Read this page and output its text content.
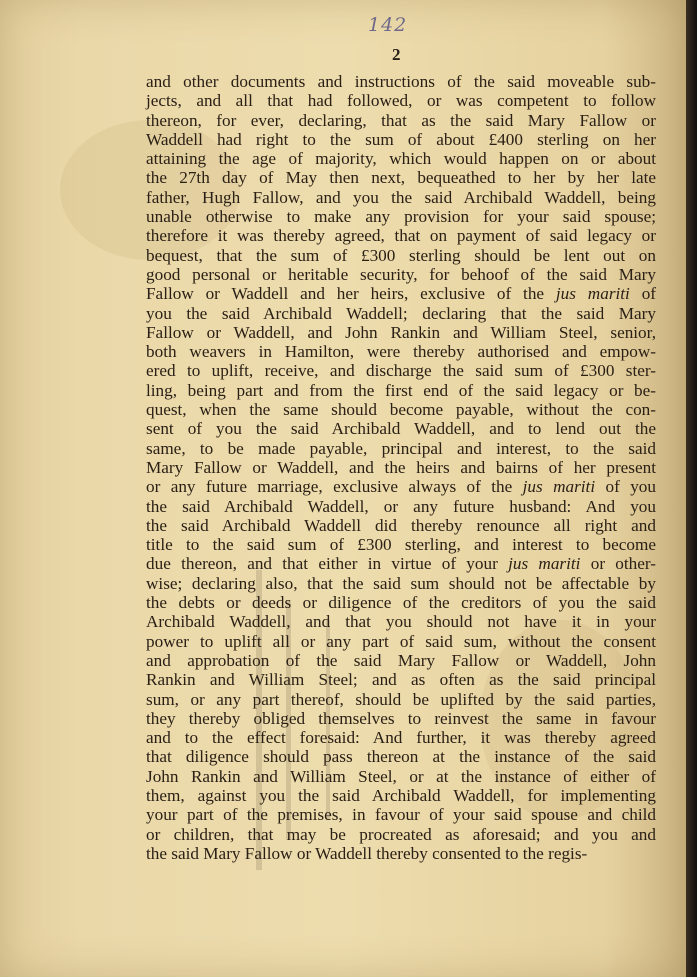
142
2
and other documents and instructions of the said moveable sub-
jects, and all that had followed, or was competent to follow
thereon, for ever, declaring, that as the said Mary Fallow or
Waddell had right to the sum of about £400 sterling on her
attaining the age of majority, which would happen on or about
the 27th day of May then next, bequeathed to her by her late
father, Hugh Fallow, and you the said Archibald Waddell, being
unable otherwise to make any provision for your said spouse;
therefore it was thereby agreed, that on payment of said legacy or
bequest, that the sum of £300 sterling should be lent out on
good personal or heritable security, for behoof of the said Mary
Fallow or Waddell and her heirs, exclusive of the jus mariti of
you the said Archibald Waddell; declaring that the said Mary
Fallow or Waddell, and John Rankin and William Steel, senior,
both weavers in Hamilton, were thereby authorised and empow-
ered to uplift, receive, and discharge the said sum of £300 ster-
ling, being part and from the first end of the said legacy or be-
quest, when the same should become payable, without the con-
sent of you the said Archibald Waddell, and to lend out the
same, to be made payable, principal and interest, to the said
Mary Fallow or Waddell, and the heirs and bairns of her present
or any future marriage, exclusive always of the jus mariti of you
the said Archibald Waddell, or any future husband: And you
the said Archibald Waddell did thereby renounce all right and
title to the said sum of £300 sterling, and interest to become
due thereon, and that either in virtue of your jus mariti or other-
wise; declaring also, that the said sum should not be affectable by
the debts or deeds or diligence of the creditors of you the said
Archibald Waddell, and that you should not have it in your
power to uplift all or any part of said sum, without the consent
and approbation of the said Mary Fallow or Waddell, John
Rankin and William Steel; and as often as the said principal
sum, or any part thereof, should be uplifted by the said parties,
they thereby obliged themselves to reinvest the same in favour
and to the effect foresaid: And further, it was thereby agreed
that diligence should pass thereon at the instance of the said
John Rankin and William Steel, or at the instance of either of
them, against you the said Archibald Waddell, for implementing
your part of the premises, in favour of your said spouse and child
or children, that may be procreated as aforesaid; and you and
the said Mary Fallow or Waddell thereby consented to the regis-
